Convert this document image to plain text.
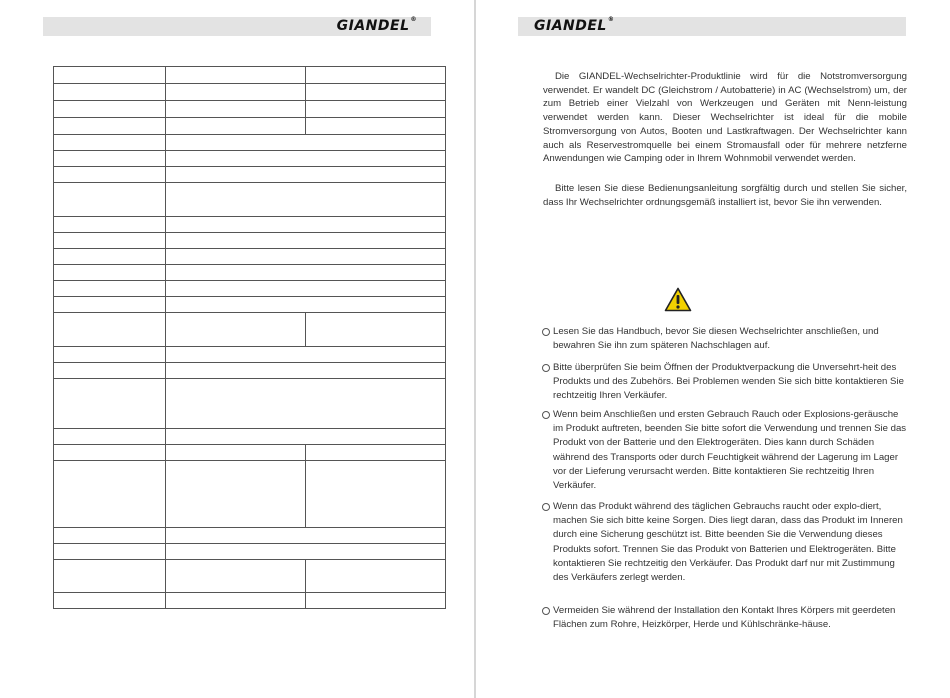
GIANDEL®

			GIANDEL®

Die GIANDEL-Wechselrichter-Produktlinie wird für die Notstromversorgung verwendet. Er wandelt DC (Gleichstrom / Autobatterie) in AC (Wechselstrom) um, der zum Betrieb einer Vielzahl von Werkzeugen und Geräten mit Nenn-leistung verwendet werden kann. Dieser Wechselrichter ist ideal für die mobile Stromversorgung von Autos, Booten und Lastkraftwagen. Der Wechselrichter kann auch als Reservestromquelle bei einem Stromausfall oder für mehrere netzferne Anwendungen wie Camping oder in Ihrem Wohnmobil verwendet werden.

Bitte lesen Sie diese Bedienungsanleitung sorgfältig durch und stellen Sie sicher, dass Ihr Wechselrichter ordnungsgemäß installiert ist, bevor Sie ihn verwenden.

Lesen Sie das Handbuch, bevor Sie diesen Wechselrichter anschließen, und bewahren Sie ihn zum späteren Nachschlagen auf.

Bitte überprüfen Sie beim Öffnen der Produktverpackung die Unversehrt-heit des Produkts und des Zubehörs. Bei Problemen wenden Sie sich bitte kontaktieren Sie rechtzeitig Ihren Verkäufer.

Wenn beim Anschließen und ersten Gebrauch Rauch oder Explosions-geräusche im Produkt auftreten, beenden Sie bitte sofort die Verwendung und trennen Sie das Produkt von der Batterie und den Elektrogeräten. Dies kann durch Schäden während des Transports oder durch Feuchtigkeit während der Lagerung im Lager vor der Lieferung verursacht werden. Bitte kontaktieren Sie rechtzeitig Ihren Verkäufer.

Wenn das Produkt während des täglichen Gebrauchs raucht oder explo-diert, machen Sie sich bitte keine Sorgen. Dies liegt daran, dass das Produkt im Inneren durch eine Sicherung geschützt ist. Bitte beenden Sie die Verwendung dieses Produkts sofort. Trennen Sie das Produkt von Batterien und Elektrogeräten. Bitte kontaktieren Sie rechtzeitig den Verkäufer. Das Produkt darf nur mit Zustimmung des Verkäufers zerlegt werden.

Vermeiden Sie während der Installation den Kontakt Ihres Körpers mit geerdeten Flächen zum Rohre, Heizkörper, Herde und Kühlschränke-häuse.
